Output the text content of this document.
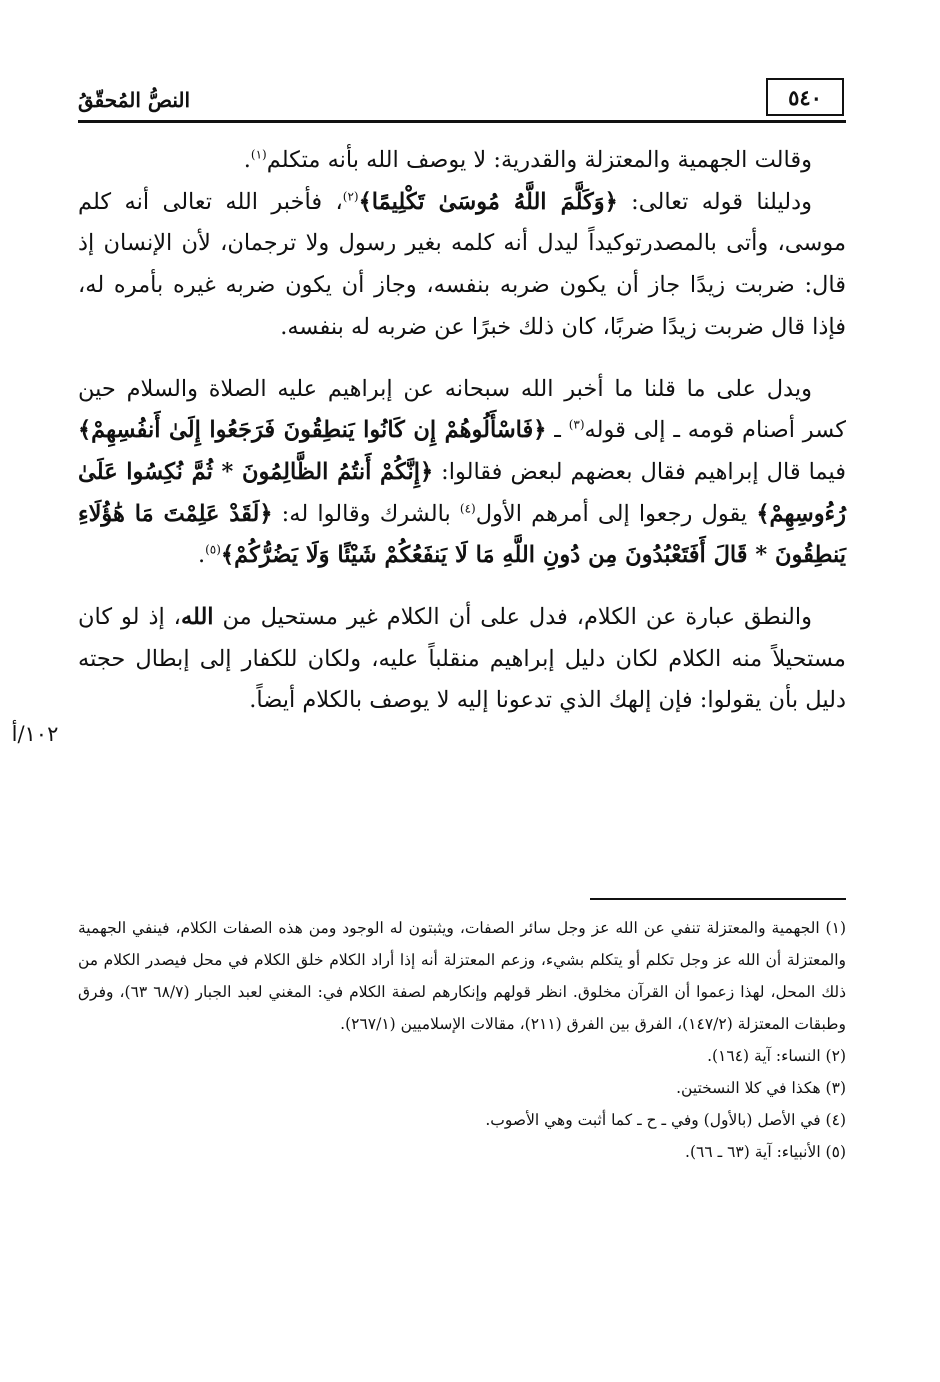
٥٤٠
النصُّ المُحقّقُ

وقالت الجهمية والمعتزلة والقدرية: لا يوصف الله بأنه متكلم$^{(١)}$.

ودليلنا قوله تعالى: ﴿وَكَلَّمَ اللَّهُ مُوسَىٰ تَكْلِيمًا﴾$^{(٢)}$، فأخبر الله تعالى أنه كلم موسى، وأتى بالمصدرتوكيداً ليدل أنه كلمه بغير رسول ولا ترجمان، لأن الإنسان إذ قال: ضربت زيدًا جاز أن يكون ضربه بنفسه، وجاز أن يكون ضربه غيره بأمره له، فإذا قال ضربت زيدًا ضربًا، كان ذلك خبرًا عن ضربه له بنفسه.

ويدل على ما قلنا ما أخبر الله سبحانه عن إبراهيم عليه الصلاة والسلام حين كسر أصنام قومه ـ إلى قوله$^{(٣)}$ ـ ﴿فَاسْأَلُوهُمْ إِن كَانُوا يَنطِقُونَ فَرَجَعُوا إِلَىٰ أَنفُسِهِمْ﴾ فيما قال إبراهيم فقال بعضهم لبعض فقالوا: ﴿إِنَّكُمْ أَنتُمُ الظَّالِمُونَ * ثُمَّ نُكِسُوا عَلَىٰ رُءُوسِهِمْ﴾ يقول رجعوا إلى أمرهم الأول$^{(٤)}$ بالشرك وقالوا له: ﴿لَقَدْ عَلِمْتَ مَا هَٰؤُلَاءِ يَنطِقُونَ * قَالَ أَفَتَعْبُدُونَ مِن دُونِ اللَّهِ مَا لَا يَنفَعُكُمْ شَيْئًا وَلَا يَضُرُّكُمْ﴾$^{(٥)}$.

والنطق عبارة عن الكلام، فدل على أن الكلام غير مستحيل من الله، إذ لو كان مستحيلاً منه الكلام لكان دليل إبراهيم منقلباً عليه، ولكان للكفار إلى إبطال حجته دليل بأن يقولوا: فإن إلهك الذي تدعونا إليه لا يوصف بالكلام أيضاً.

١٠٢/أ

(١) الجهمية والمعتزلة تنفي عن الله عز وجل سائر الصفات، ويثبتون له الوجود ومن هذه الصفات الكلام، فينفي الجهمية والمعتزلة أن الله عز وجل تكلم أو يتكلم بشيء، وزعم المعتزلة أنه إذا أراد الكلام خلق الكلام في محل فيصدر الكلام من ذلك المحل، لهذا زعموا أن القرآن مخلوق. انظر قولهم وإنكارهم لصفة الكلام في: المغني لعبد الجبار (٦٨/٧ ٦٣)، وفرق وطبقات المعتزلة (١٤٧/٢)، الفرق بين الفرق (٢١١)، مقالات الإسلاميين (٢٦٧/١).

(٢) النساء: آية (١٦٤).

(٣) هكذا في كلا النسختين.

(٤) في الأصل (بالأول) وفي ـ ح ـ كما أثبت وهي الأصوب.

(٥) الأنبياء: آية (٦٣ ـ ٦٦).
